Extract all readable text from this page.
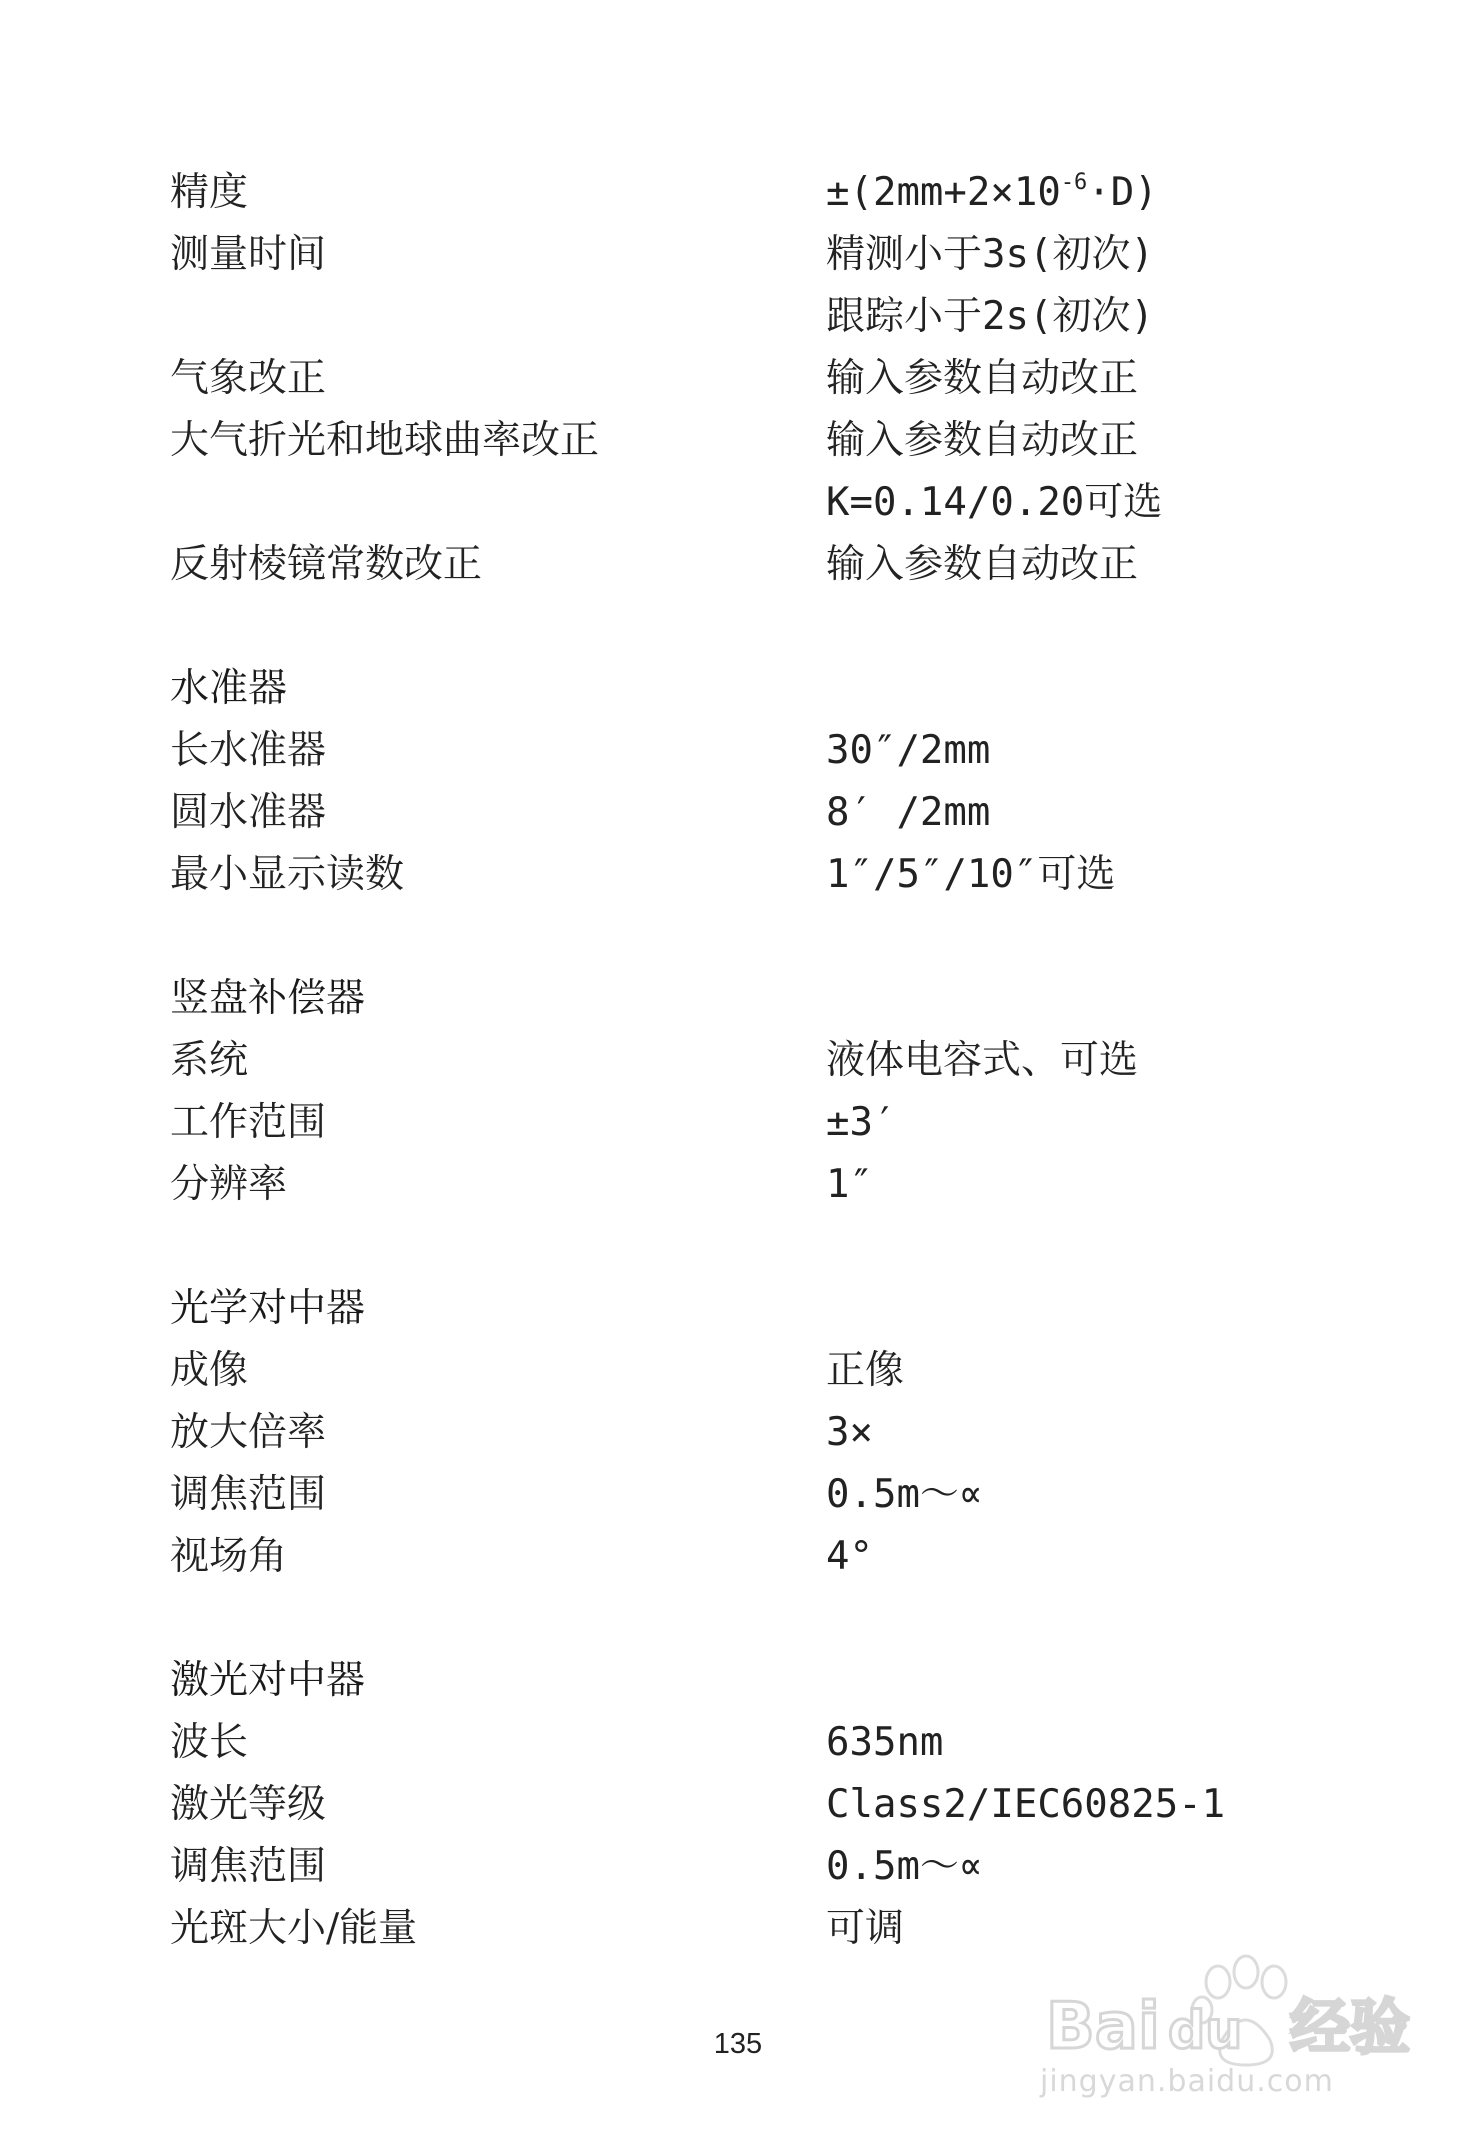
精度	$\pm(2mm+2\times 10^{-6}\cdot D)$
测量时间	精测小于3s(初次)
跟踪小于2s(初次)
气象改正	输入参数自动改正
大气折光和地球曲率改正	输入参数自动改正
K=0.14/0.20可选
反射棱镜常数改正	输入参数自动改正
水准器
长水准器	30″/2mm
圆水准器	8′ /2mm
最小显示读数	1″/5″/10″可选
竖盘补偿器
系统	液体电容式、可选
工作范围	±3′
分辨率	1″
光学对中器
成像	正像
放大倍率	3×
调焦范围	0.5m～∝
视场角	4°
激光对中器
波长	635nm
激光等级	Class2/IEC60825-1
调焦范围	0.5m～∝
光斑大小/能量	可调
135	Bai du 经验
jingyan.baidu.com
